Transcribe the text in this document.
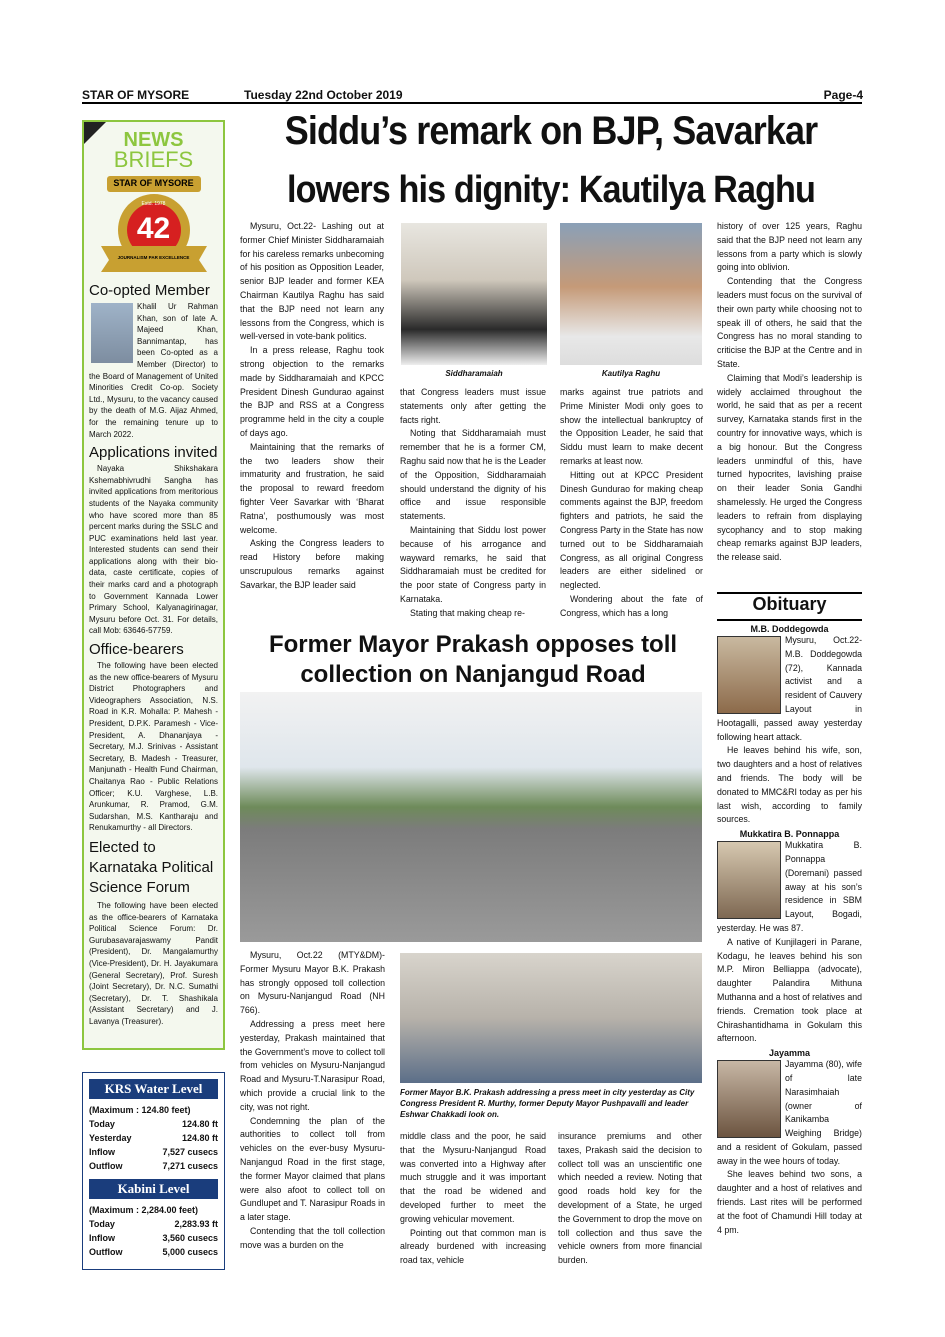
STAR OF MYSORE	Tuesday 22nd October 2019	Page-4
NEWS
BRIEFS
STAR OF MYSORE
Estd. 1978
42
JOURNALISM PAR EXCELLENCE
Co-opted Member
Khalil Ur Rahman Khan, son of late A. Majeed Khan, Bannimantap, has been Co-opted as a Member (Director) to the Board of Management of United Minorities Credit Co-op. Society Ltd., Mysuru, to the vacancy caused by the death of M.G. Aijaz Ahmed, for the remaining tenure up to March 2022.
Applications invited
Nayaka Shikshakara Kshemabhivrudhi Sangha has invited applications from meritorious students of the Nayaka community who have scored more than 85 percent marks during the SSLC and PUC examinations held last year. Interested students can send their applications along with their bio-data, caste certificate, copies of their marks card and a photograph to Government Kannada Lower Primary School, Kalyanagirinagar, Mysuru before Oct. 31. For details, call Mob: 63646-57759.
Office-bearers
The following have been elected as the new office-bearers of Mysuru District Photographers and Videographers Association, N.S. Road in K.R. Mohalla: P. Mahesh - President, D.P.K. Paramesh - Vice-President, A. Dhananjaya - Secretary, M.J. Srinivas - Assistant Secretary, B. Madesh - Treasurer, Manjunath - Health Fund Chairman, Chaitanya Rao - Public Relations Officer; K.U. Varghese, L.B. Arunkumar, R. Pramod, G.M. Sudarshan, M.S. Kantharaju and Renukamurthy - all Directors.
Elected to Karnataka Political Science Forum
The following have been elected as the office-bearers of Karnataka Political Science Forum: Dr. Gurubasavarajaswamy Pandit (President), Dr. Mangalamurthy (Vice-President), Dr. H. Jayakumara (General Secretary), Prof. Suresh (Joint Secretary), Dr. N.C. Sumathi (Secretary), Dr. T. Shashikala (Assistant Secretary) and J. Lavanya (Treasurer).
KRS Water Level
(Maximum : 124.80 feet)
Today	124.80 ft
Yesterday	124.80 ft
Inflow	7,527 cusecs
Outflow	7,271 cusecs
Kabini Level
(Maximum : 2,284.00 feet)
Today	2,283.93 ft
Inflow	3,560 cusecs
Outflow	5,000 cusecs
Siddu’s remark on BJP, Savarkar
lowers his dignity: Kautilya Raghu

Mysuru, Oct.22- Lashing out at former Chief Minister Siddharamaiah for his careless remarks unbecoming of his position as Opposition Leader, senior BJP leader and former KEA Chairman Kautilya Raghu has said that the BJP need not learn any lessons from the Congress, which is well-versed in vote-bank politics.

In a press release, Raghu took strong objection to the remarks made by Siddharamaiah and KPCC President Dinesh Gundurao against the BJP and RSS at a Congress programme held in the city a couple of days ago.

Maintaining that the remarks of the two leaders show their immaturity and frustration, he said the proposal to reward freedom fighter Veer Savarkar with ‘Bharat Ratna’, posthumously was most welcome.

Asking the Congress leaders to read History before making unscrupulous remarks against Savarkar, the BJP leader said

Siddharamaiah	Kautilya Raghu

that Congress leaders must issue statements only after getting the facts right.

Noting that Siddharamaiah must remember that he is a former CM, Raghu said now that he is the Leader of the Opposition, Siddharamaiah should understand the dignity of his office and issue responsible statements.

Maintaining that Siddu lost power because of his arrogance and wayward remarks, he said that Siddharamaiah must be credited for the poor state of Congress party in Karnataka.

Stating that making cheap re-

marks against true patriots and Prime Minister Modi only goes to show the intellectual bankruptcy of the Opposition Leader, he said that Siddu must learn to make decent remarks at least now.

Hitting out at KPCC President Dinesh Gundurao for making cheap comments against the BJP, freedom fighters and patriots, he said the Congress Party in the State has now turned out to be Siddharamaiah Congress, as all original Congress leaders are either sidelined or neglected.

Wondering about the fate of Congress, which has a long

history of over 125 years, Raghu said that the BJP need not learn any lessons from a party which is slowly going into oblivion.

Contending that the Congress leaders must focus on the survival of their own party while choosing not to speak ill of others, he said that the Congress has no moral standing to criticise the BJP at the Centre and in State.

Claiming that Modi’s leadership is widely acclaimed throughout the world, he said that as per a recent survey, Karnataka stands first in the country for innovative ways, which is a big honour. But the Congress leaders unmindful of this, have turned hypocrites, lavishing praise on their leader Sonia Gandhi shamelessly. He urged the Congress leaders to refrain from displaying sycophancy and to stop making cheap remarks against BJP leaders, the release said.

Former Mayor Prakash opposes toll collection on Nanjangud Road
Former Mayor B.K. Prakash addressing a press meet in city yesterday as City Congress President R. Murthy, former Deputy Mayor Pushpavalli and leader Eshwar Chakkadi look on.

Mysuru, Oct.22 (MTY&DM)- Former Mysuru Mayor B.K. Prakash has strongly opposed toll collection on Mysuru-Nanjangud Road (NH 766).

Addressing a press meet here yesterday, Prakash maintained that the Government’s move to collect toll from vehicles on Mysuru-Nanjangud Road and Mysuru-T.Narasipur Road, which provide a crucial link to the city, was not right.

Condemning the plan of the authorities to collect toll from vehicles on the ever-busy Mysuru-Nanjangud Road in the first stage, the former Mayor claimed that plans were also afoot to collect toll on Gundlupet and T. Narasipur Roads in a later stage.

Contending that the toll collection move was a burden on the

middle class and the poor, he said that the Mysuru-Nanjangud Road was converted into a Highway after much struggle and it was important that the road be widened and developed further to meet the growing vehicular movement.

Pointing out that common man is already burdened with increasing road tax, vehicle

insurance premiums and other taxes, Prakash said the decision to collect toll was an unscientific one which needed a review. Noting that good roads hold key for the development of a State, he urged the Government to drop the move on toll collection and thus save the vehicle owners from more financial burden.

Obituary
M.B. Doddegowda

Mysuru, Oct.22- M.B. Doddegowda (72), Kannada activist and a resident of Cauvery Layout in Hootagalli, passed away yesterday following heart attack.

He leaves behind his wife, son, two daughters and a host of relatives and friends. The body will be donated to MMC&RI today as per his last wish, according to family sources.

Mukkatira B. Ponnappa

Mukkatira B. Ponnappa (Doremani) passed away at his son’s residence in SBM Layout, Bogadi, yesterday. He was 87.

A native of Kunjilageri in Parane, Kodagu, he leaves behind his son M.P. Miron Belliappa (advocate), daughter Palandira Mithuna Muthanna and a host of relatives and friends. Cremation took place at Chirashantidhama in Gokulam this afternoon.

Jayamma

Jayamma (80), wife of late Narasimhaiah (owner of Kanikamba Weighing Bridge) and a resident of Gokulam, passed away in the wee hours of today.

She leaves behind two sons, a daughter and a host of relatives and friends. Last rites will be performed at the foot of Chamundi Hill today at 4 pm.
